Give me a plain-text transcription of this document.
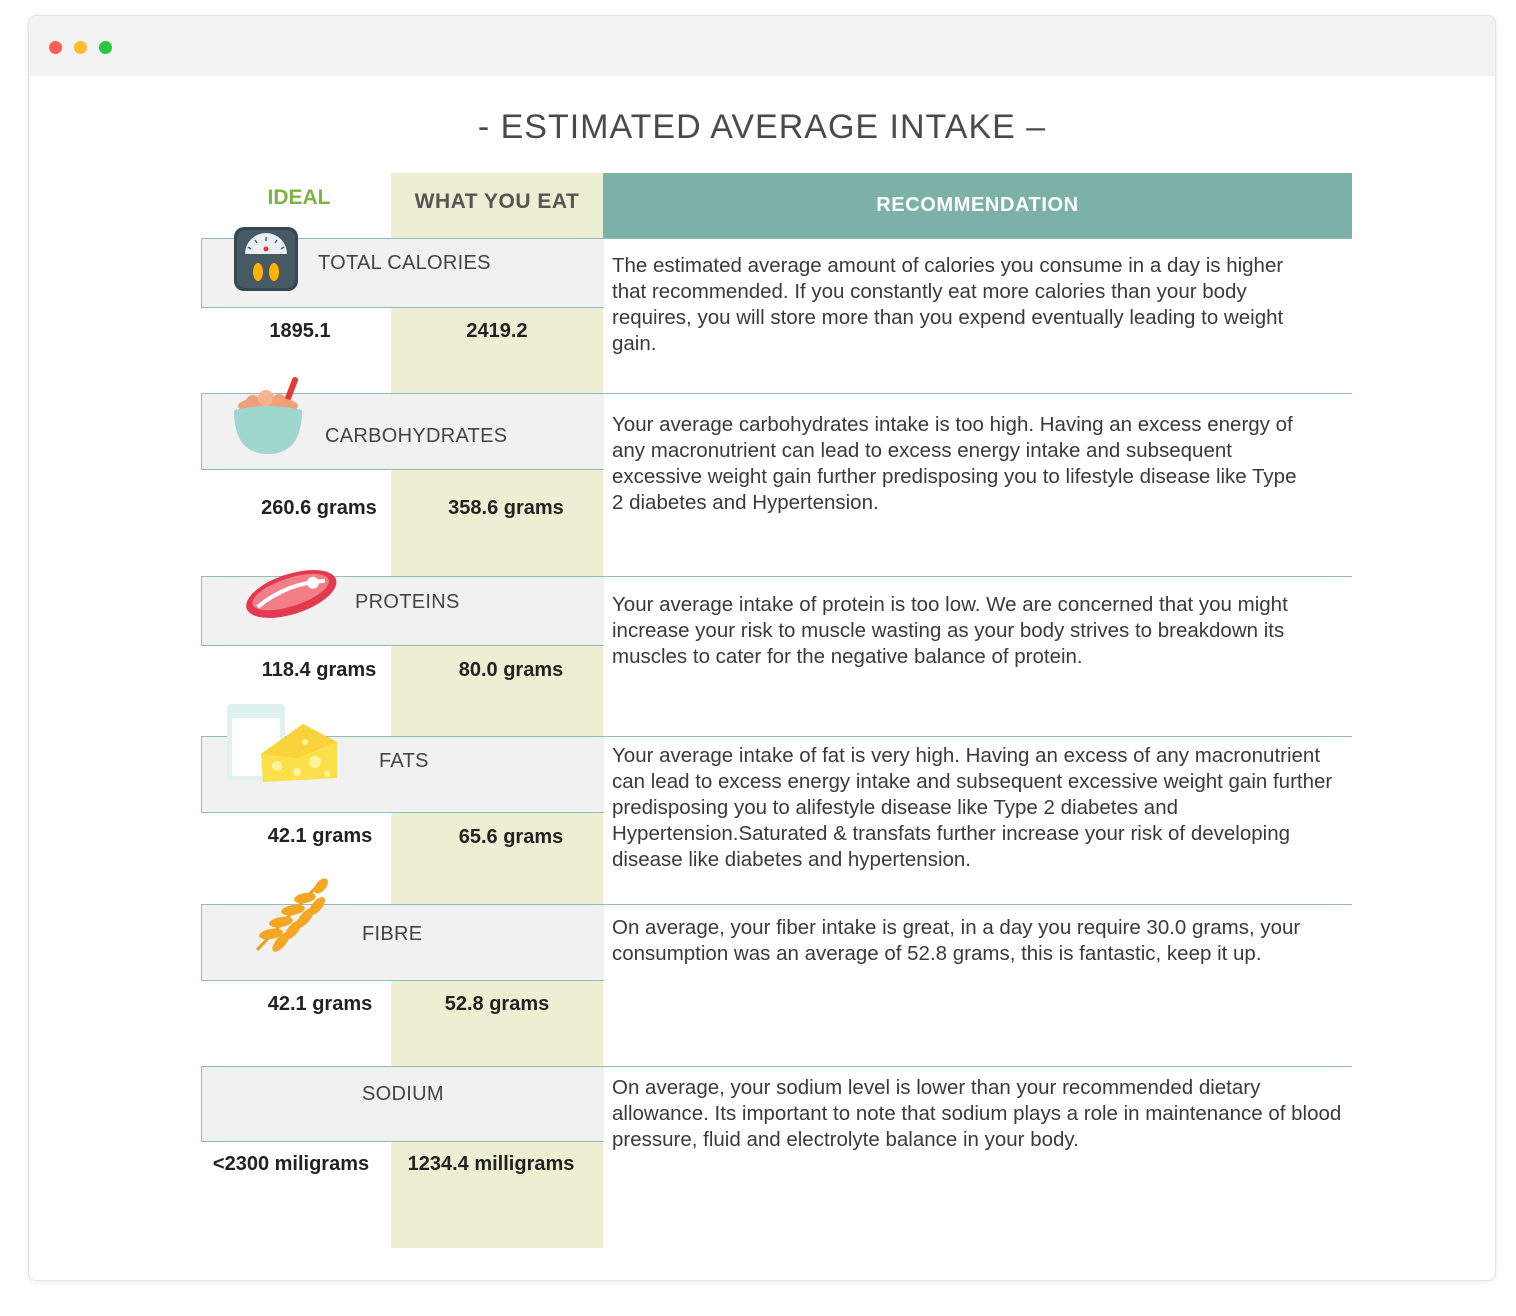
- ESTIMATED AVERAGE INTAKE –
IDEAL	WHAT YOU EAT	RECOMMENDATION
TOTAL CALORIES
1895.1	2419.2
The estimated average amount of calories you consume in a day is higher that recommended. If you constantly eat more calories than your body requires, you will store more than you expend eventually leading to weight gain.
CARBOHYDRATES
260.6 grams	358.6 grams
Your average carbohydrates intake is too high. Having an excess energy of any macronutrient can lead to excess energy intake and subsequent excessive weight gain further predisposing you to lifestyle disease like Type 2 diabetes and Hypertension.
PROTEINS
118.4 grams	80.0 grams
Your average intake of protein is too low. We are concerned that you might increase your risk to muscle wasting as your body strives to breakdown its muscles to cater for the negative balance of protein.
FATS
42.1 grams	65.6 grams
Your average intake of fat is very high. Having an excess of any macronutrient can lead to excess energy intake and subsequent excessive weight gain further predisposing you to alifestyle disease like Type 2 diabetes and Hypertension.Saturated & transfats further increase your risk of developing disease like diabetes and hypertension.
FIBRE
42.1 grams	52.8 grams
On average, your fiber intake is great, in a day you require 30.0 grams, your consumption was an average of 52.8 grams, this is fantastic, keep it up.
SODIUM
<2300 miligrams	1234.4 milligrams
On average, your sodium level is lower than your recommended dietary allowance. Its important to note that sodium plays a role in maintenance of blood pressure, fluid and electrolyte balance in your body.
